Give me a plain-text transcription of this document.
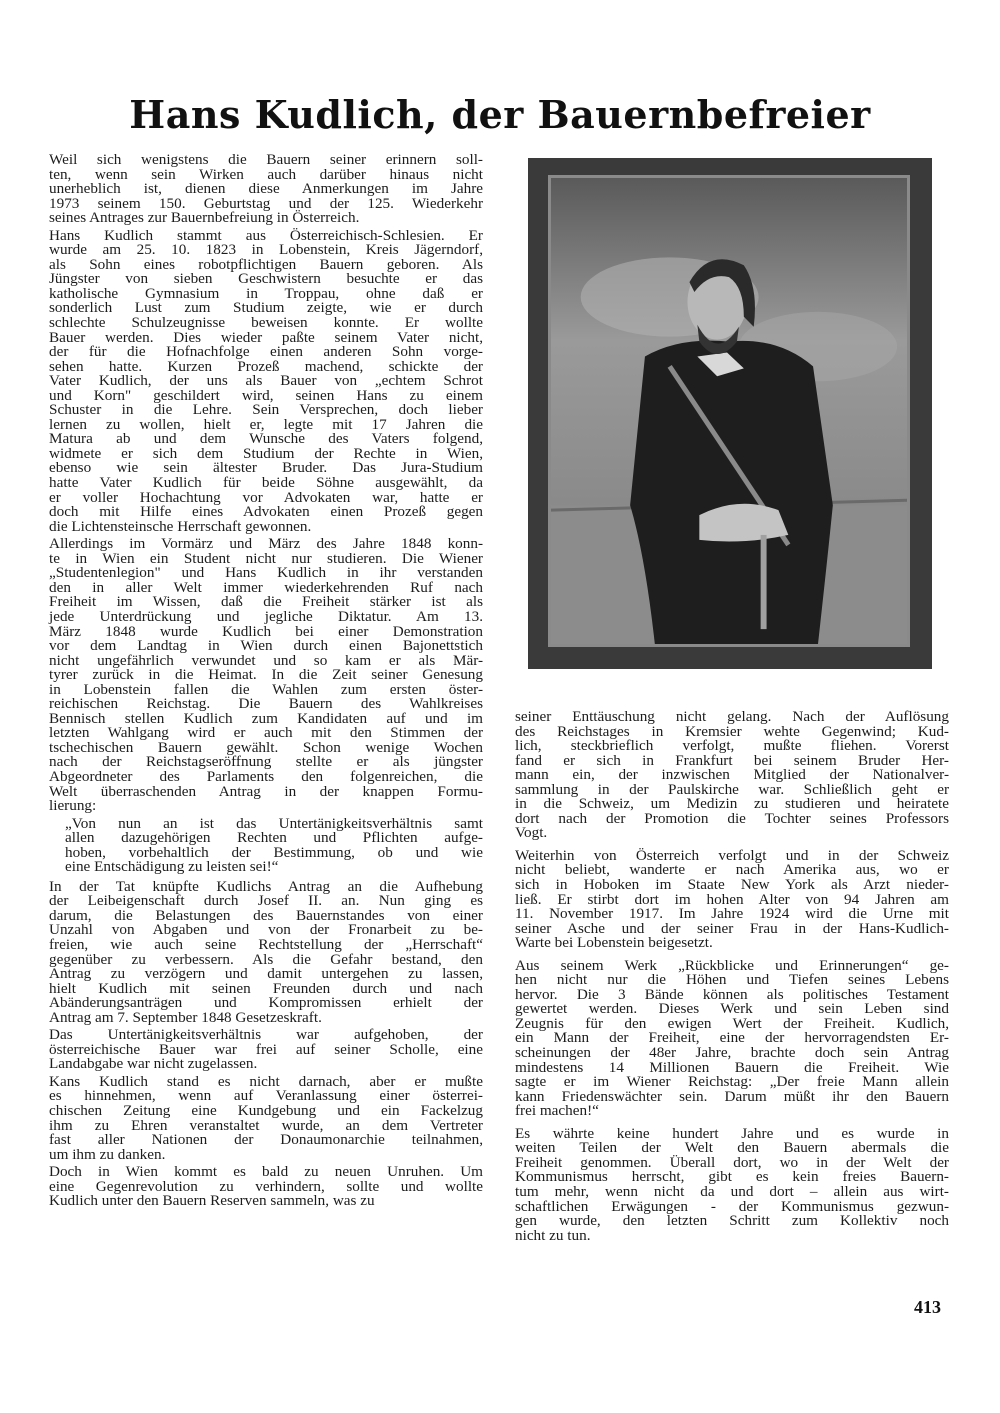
Hans Kudlich, der Bauernbefreier

Weil sich wenigstens die Bauern seiner erinnern soll-
ten, wenn sein Wirken auch darüber hinaus nicht
unerheblich ist, dienen diese Anmerkungen im Jahre
1973 seinem 150. Geburtstag und der 125. Wiederkehr
seines Antrages zur Bauernbefreiung in Österreich.

Hans Kudlich stammt aus Österreichisch-Schlesien. Er
wurde am 25. 10. 1823 in Lobenstein, Kreis Jägerndorf,
als Sohn eines robotpflichtigen Bauern geboren. Als
Jüngster von sieben Geschwistern besuchte er das
katholische Gymnasium in Troppau, ohne daß er
sonderlich Lust zum Studium zeigte, wie er durch
schlechte Schulzeugnisse beweisen konnte. Er wollte
Bauer werden. Dies wieder paßte seinem Vater nicht,
der für die Hofnachfolge einen anderen Sohn vorge-
sehen hatte. Kurzen Prozeß machend, schickte der
Vater Kudlich, der uns als Bauer von „echtem Schrot
und Korn" geschildert wird, seinen Hans zu einem
Schuster in die Lehre. Sein Versprechen, doch lieber
lernen zu wollen, hielt er, legte mit 17 Jahren die
Matura ab und dem Wunsche des Vaters folgend,
widmete er sich dem Studium der Rechte in Wien,
ebenso wie sein ältester Bruder. Das Jura-Studium
hatte Vater Kudlich für beide Söhne ausgewählt, da
er voller Hochachtung vor Advokaten war, hatte er
doch mit Hilfe eines Advokaten einen Prozeß gegen
die Lichtensteinsche Herrschaft gewonnen.

Allerdings im Vormärz und März des Jahre 1848 konn-
te in Wien ein Student nicht nur studieren. Die Wiener
„Studentenlegion" und Hans Kudlich in ihr verstanden
den in aller Welt immer wiederkehrenden Ruf nach
Freiheit im Wissen, daß die Freiheit stärker ist als
jede Unterdrückung und jegliche Diktatur. Am 13.
März 1848 wurde Kudlich bei einer Demonstration
vor dem Landtag in Wien durch einen Bajonettstich
nicht ungefährlich verwundet und so kam er als Mär-
tyrer zurück in die Heimat. In die Zeit seiner Genesung
in Lobenstein fallen die Wahlen zum ersten öster-
reichischen Reichstag. Die Bauern des Wahlkreises
Bennisch stellen Kudlich zum Kandidaten auf und im
letzten Wahlgang wird er auch mit den Stimmen der
tschechischen Bauern gewählt. Schon wenige Wochen
nach der Reichstagseröffnung stellte er als jüngster
Abgeordneter des Parlaments den folgenreichen, die
Welt überraschenden Antrag in der knappen Formu-
lierung:

„Von nun an ist das Untertänigkeitsverhältnis samt
allen dazugehörigen Rechten und Pflichten aufge-
hoben, vorbehaltlich der Bestimmung, ob und wie
eine Entschädigung zu leisten sei!“

In der Tat knüpfte Kudlichs Antrag an die Aufhebung
der Leibeigenschaft durch Josef II. an. Nun ging es
darum, die Belastungen des Bauernstandes von einer
Unzahl von Abgaben und von der Fronarbeit zu be-
freien, wie auch seine Rechtstellung der „Herrschaft“
gegenüber zu verbessern. Als die Gefahr bestand, den
Antrag zu verzögern und damit untergehen zu lassen,
hielt Kudlich mit seinen Freunden durch und nach
Abänderungsanträgen und Kompromissen erhielt der
Antrag am 7. September 1848 Gesetzeskraft.

Das Untertänigkeitsverhältnis war aufgehoben, der
österreichische Bauer war frei auf seiner Scholle, eine
Landabgabe war nicht zugelassen.

Kans Kudlich stand es nicht darnach, aber er mußte
es hinnehmen, wenn auf Veranlassung einer österrei-
chischen Zeitung eine Kundgebung und ein Fackelzug
ihm zu Ehren veranstaltet wurde, an dem Vertreter
fast aller Nationen der Donaumonarchie teilnahmen,
um ihm zu danken.

Doch in Wien kommt es bald zu neuen Unruhen. Um
eine Gegenrevolution zu verhindern, sollte und wollte
Kudlich unter den Bauern Reserven sammeln, was zu

seiner Enttäuschung nicht gelang. Nach der Auflösung
des Reichstages in Kremsier wehte Gegenwind; Kud-
lich, steckbrieflich verfolgt, mußte fliehen. Vorerst
fand er sich in Frankfurt bei seinem Bruder Her-
mann ein, der inzwischen Mitglied der Nationalver-
sammlung in der Paulskirche war. Schließlich geht er
in die Schweiz, um Medizin zu studieren und heiratete
dort nach der Promotion die Tochter seines Professors
Vogt.

Weiterhin von Österreich verfolgt und in der Schweiz
nicht beliebt, wanderte er nach Amerika aus, wo er
sich in Hoboken im Staate New York als Arzt nieder-
ließ. Er stirbt dort im hohen Alter von 94 Jahren am
11. November 1917. Im Jahre 1924 wird die Urne mit
seiner Asche und der seiner Frau in der Hans-Kudlich-
Warte bei Lobenstein beigesetzt.

Aus seinem Werk „Rückblicke und Erinnerungen“ ge-
hen nicht nur die Höhen und Tiefen seines Lebens
hervor. Die 3 Bände können als politisches Testament
gewertet werden. Dieses Werk und sein Leben sind
Zeugnis für den ewigen Wert der Freiheit. Kudlich,
ein Mann der Freiheit, eine der hervorragendsten Er-
scheinungen der 48er Jahre, brachte doch sein Antrag
mindestens 14 Millionen Bauern die Freiheit. Wie
sagte er im Wiener Reichstag: „Der freie Mann allein
kann Friedenswächter sein. Darum müßt ihr den Bauern
frei machen!“

Es währte keine hundert Jahre und es wurde in
weiten Teilen der Welt den Bauern abermals die
Freiheit genommen. Überall dort, wo in der Welt der
Kommunismus herrscht, gibt es kein freies Bauern-
tum mehr, wenn nicht da und dort – allein aus wirt-
schaftlichen Erwägungen - der Kommunismus gezwun-
gen wurde, den letzten Schritt zum Kollektiv noch
nicht zu tun.

413
